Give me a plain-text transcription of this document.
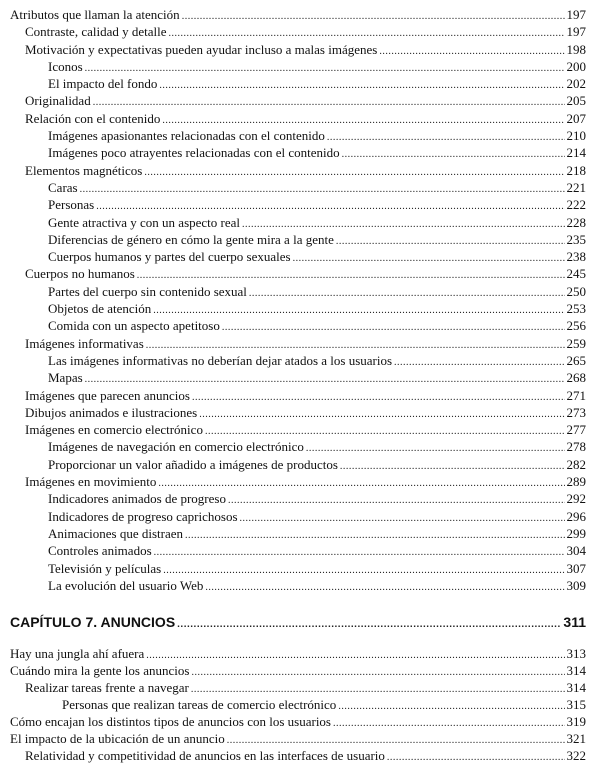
Atributos que llaman la atención .....	197
Contraste, calidad y detalle .....	197
Motivación y expectativas pueden ayudar incluso a malas imágenes .....	198
Iconos .....	200
El impacto del fondo .....	202
Originalidad .....	205
Relación con el contenido .....	207
Imágenes apasionantes relacionadas con el contenido .....	210
Imágenes poco atrayentes relacionadas con el contenido .....	214
Elementos magnéticos .....	218
Caras .....	221
Personas .....	222
Gente atractiva y con un aspecto real .....	228
Diferencias de género en cómo la gente mira a la gente .....	235
Cuerpos humanos y partes del cuerpo sexuales .....	238
Cuerpos no humanos .....	245
Partes del cuerpo sin contenido sexual .....	250
Objetos de atención .....	253
Comida con un aspecto apetitoso .....	256
Imágenes informativas .....	259
Las imágenes informativas no deberían dejar atados a los usuarios .....	265
Mapas .....	268
Imágenes que parecen anuncios .....	271
Dibujos animados e ilustraciones .....	273
Imágenes en comercio electrónico .....	277
Imágenes de navegación en comercio electrónico .....	278
Proporcionar un valor añadido a imágenes de productos .....	282
Imágenes en movimiento .....	289
Indicadores animados de progreso .....	292
Indicadores de progreso caprichosos .....	296
Animaciones que distraen .....	299
Controles animados .....	304
Televisión y películas .....	307
La evolución del usuario Web .....	309
CAPÍTULO 7. ANUNCIOS .....	311
Hay una jungla ahí afuera .....	313
Cuándo mira la gente los anuncios .....	314
Realizar tareas frente a navegar .....	314
Personas que realizan tareas de comercio electrónico .....	315
Cómo encajan los distintos tipos de anuncios con los usuarios .....	319
El impacto de la ubicación de un anuncio .....	321
Relatividad y competitividad de anuncios en las interfaces de usuario .....	322
